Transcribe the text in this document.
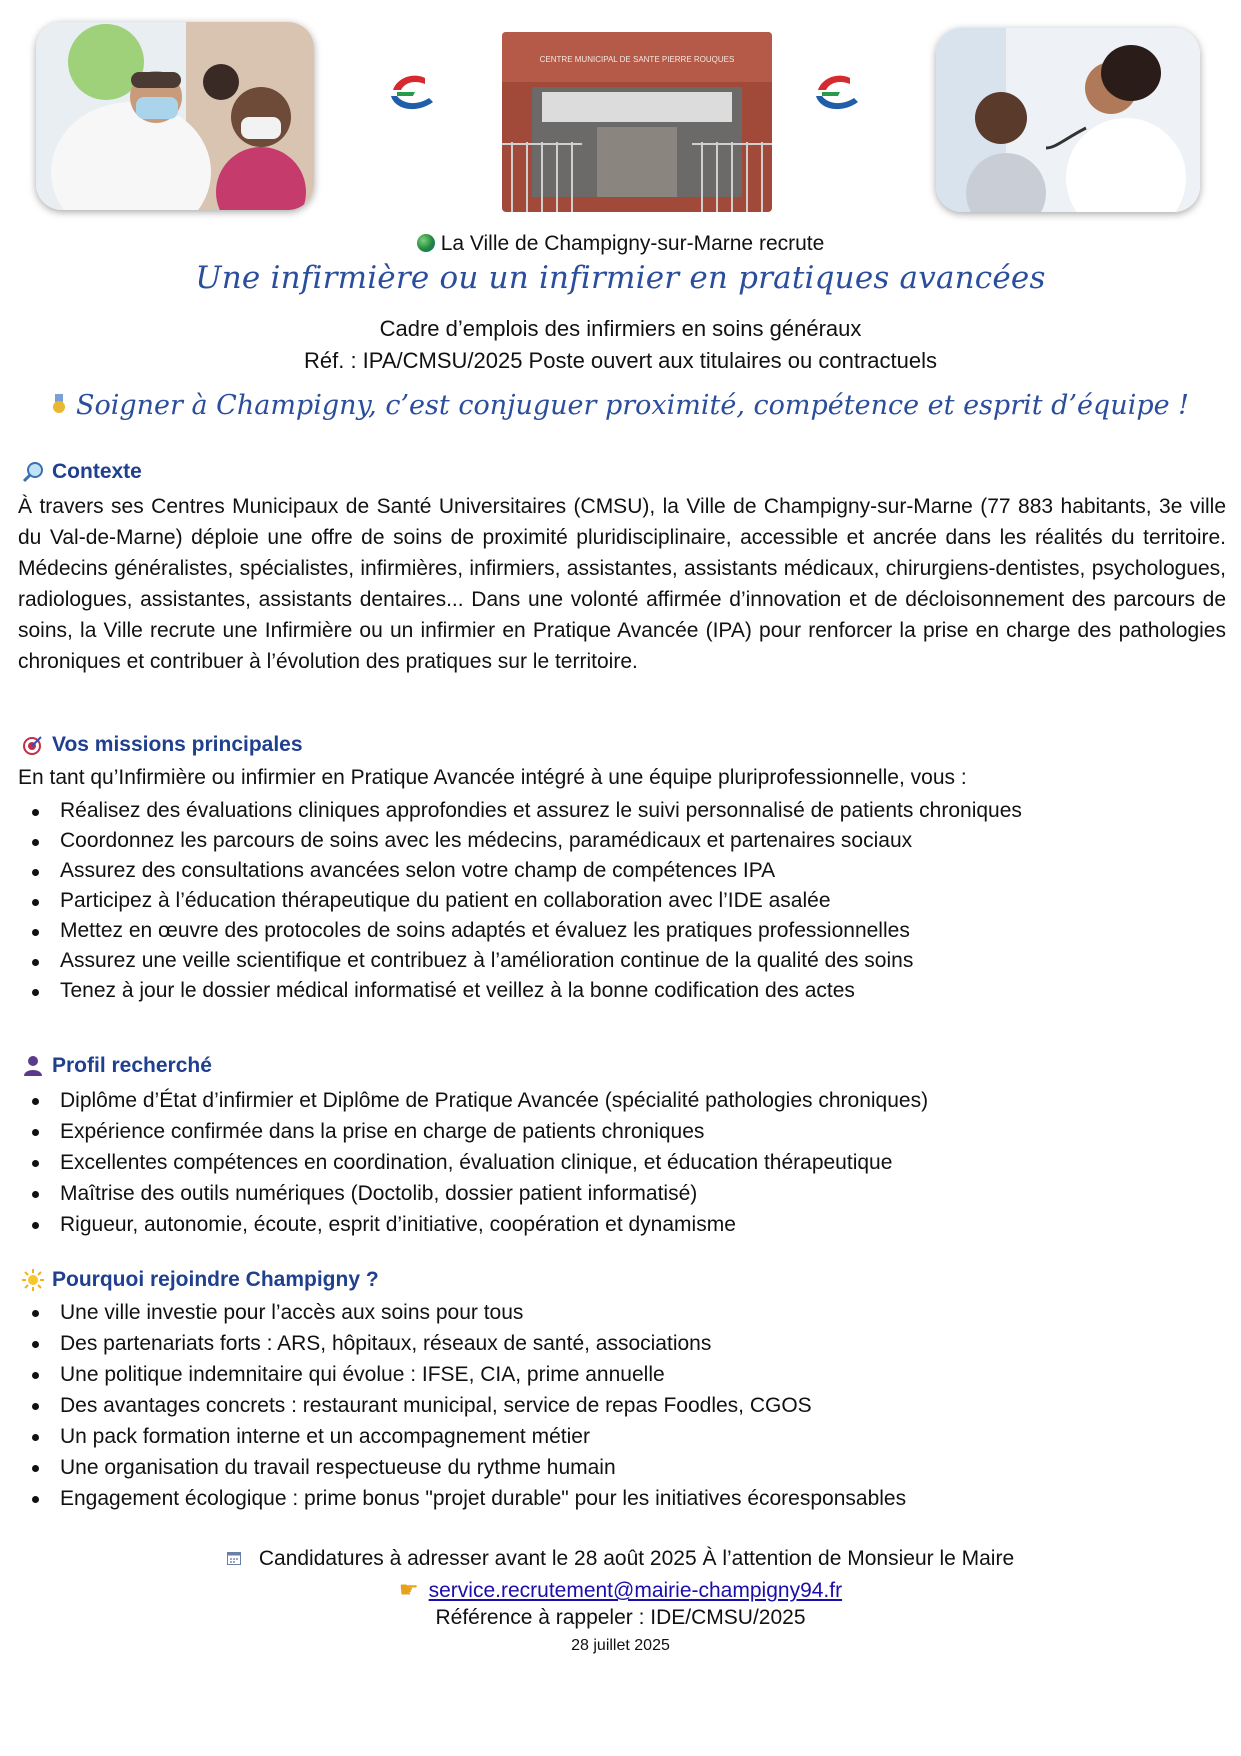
CENTRE MUNICIPAL DE SANTE PIERRE ROUQUES
La Ville de Champigny-sur-Marne recrute
Une infirmière ou un infirmier en pratiques avancées
Cadre d’emplois des infirmiers en soins généraux
Réf. : IPA/CMSU/2025 Poste ouvert aux titulaires ou contractuels
Soigner à Champigny, c’est conjuguer proximité, compétence et esprit d’équipe !
Contexte
À travers ses Centres Municipaux de Santé Universitaires (CMSU), la Ville de Champigny-sur-Marne (77 883 habitants, 3e ville du Val-de-Marne) déploie une offre de soins de proximité pluridisciplinaire, accessible et ancrée dans les réalités du territoire. Médecins généralistes, spécialistes, infirmières, infirmiers, assistantes, assistants médicaux, chirurgiens-dentistes, psychologues, radiologues, assistantes, assistants dentaires... Dans une volonté affirmée d’innovation et de décloisonnement des parcours de soins, la Ville recrute une Infirmière ou un infirmier en Pratique Avancée (IPA) pour renforcer la prise en charge des pathologies chroniques et contribuer à l’évolution des pratiques sur le territoire.
Vos missions principales
En tant qu’Infirmière ou infirmier en Pratique Avancée intégré à une équipe pluriprofessionnelle, vous :
Réalisez des évaluations cliniques approfondies et assurez le suivi personnalisé de patients chroniques
Coordonnez les parcours de soins avec les médecins, paramédicaux et partenaires sociaux
Assurez des consultations avancées selon votre champ de compétences IPA
Participez à l’éducation thérapeutique du patient en collaboration avec l’IDE asalée
Mettez en œuvre des protocoles de soins adaptés et évaluez les pratiques professionnelles
Assurez une veille scientifique et contribuez à l’amélioration continue de la qualité des soins
Tenez à jour le dossier médical informatisé et veillez à la bonne codification des actes
Profil recherché
Diplôme d’État d’infirmier et Diplôme de Pratique Avancée (spécialité pathologies chroniques)
Expérience confirmée dans la prise en charge de patients chroniques
Excellentes compétences en coordination, évaluation clinique, et éducation thérapeutique
Maîtrise des outils numériques (Doctolib, dossier patient informatisé)
Rigueur, autonomie, écoute, esprit d’initiative, coopération et dynamisme
Pourquoi rejoindre Champigny ?
Une ville investie pour l’accès aux soins pour tous
Des partenariats forts : ARS, hôpitaux, réseaux de santé, associations
Une politique indemnitaire qui évolue : IFSE, CIA, prime annuelle
Des avantages concrets : restaurant municipal, service de repas Foodles, CGOS
Un pack formation interne et un accompagnement métier
Une organisation du travail respectueuse du rythme humain
Engagement écologique : prime bonus "projet durable" pour les initiatives écoresponsables
Candidatures à adresser avant le 28 août 2025 À l’attention de Monsieur le Maire
☛ service.recrutement@mairie-champigny94.fr
Référence à rappeler : IDE/CMSU/2025
28 juillet 2025
